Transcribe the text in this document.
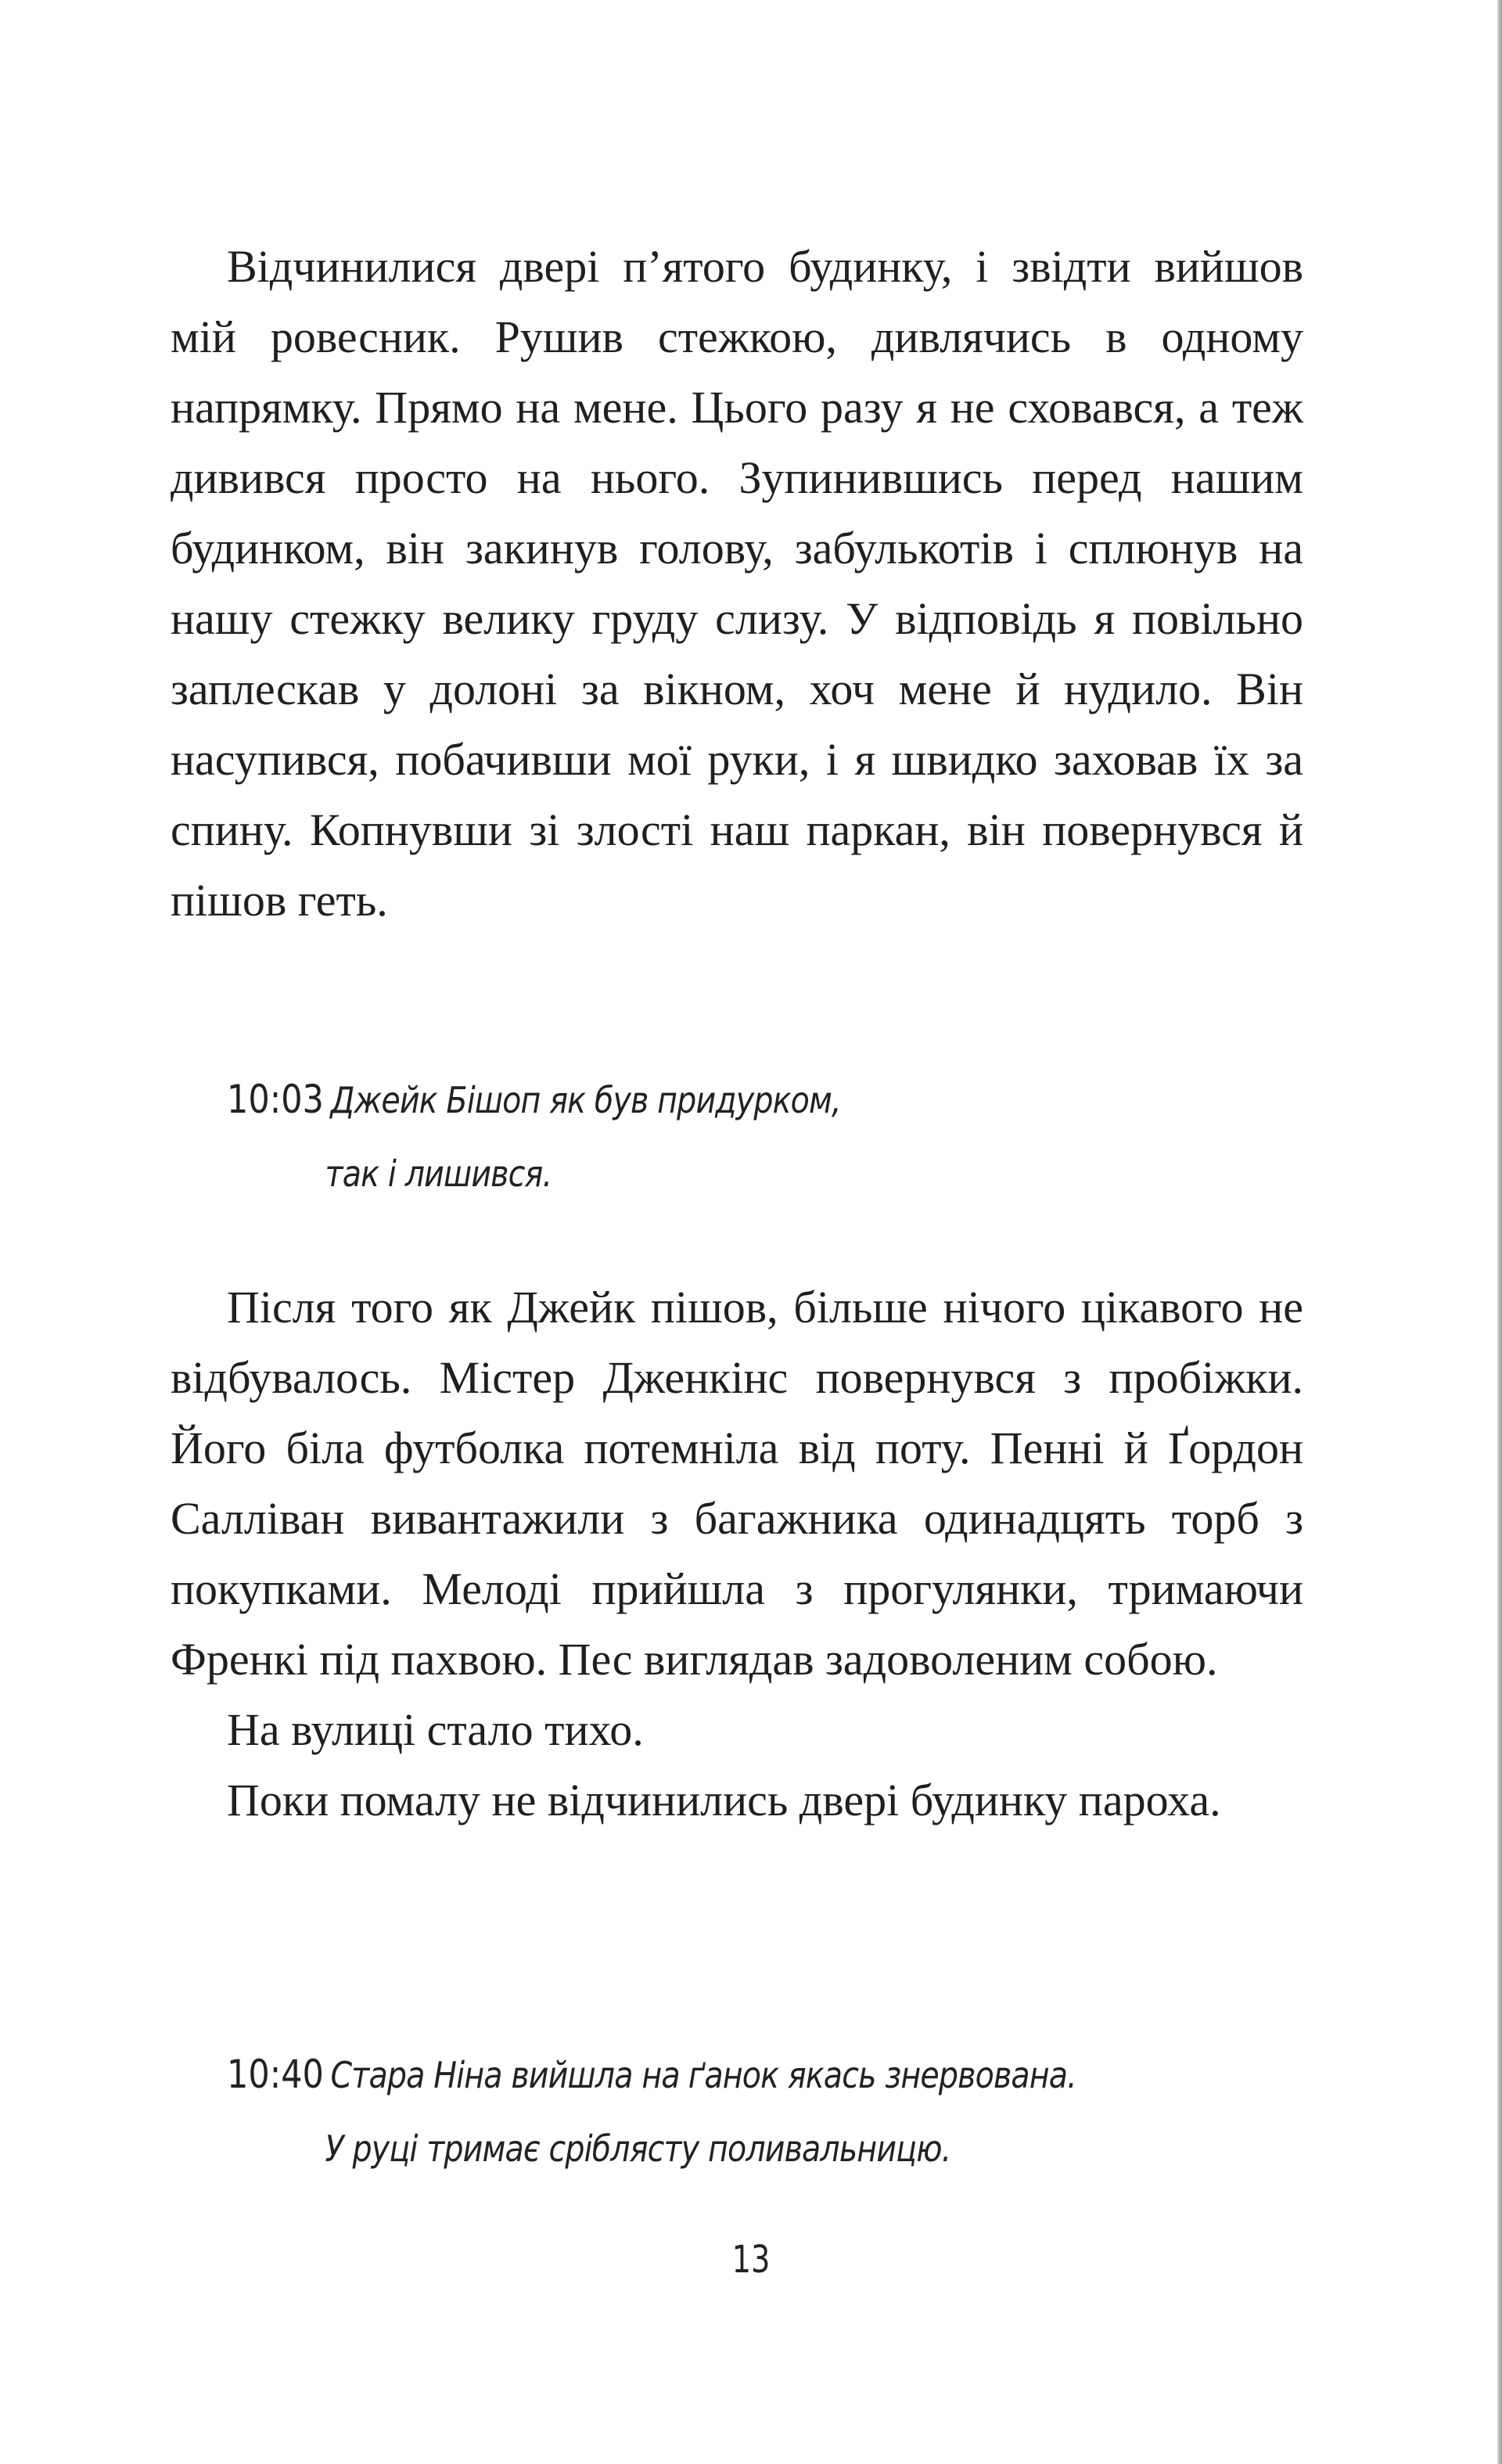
Відчинилися двері п’ятого будинку, і звідти вийшов мій ровесник. Рушив стежкою, дивлячись в одному напрямку. Прямо на мене. Цього разу я не сховався, а теж дивився просто на нього. Зупинившись перед нашим будинком, він закинув голову, забулькотів і сплюнув на нашу стежку велику груду слизу. У відповідь я повільно заплескав у долоні за вікном, хоч мене й нудило. Він насупився, побачивши мої руки, і я швидко заховав їх за спину. Копнувши зі злості наш паркан, він повернувся й пішов геть.

10:03 Джейк Бішоп як був придурком,
так і лишився.

Після того як Джейк пішов, більше нічого цікавого не відбувалось. Містер Дженкінс повернувся з пробіжки. Його біла футболка потемніла від поту. Пенні й Ґордон Салліван вивантажили з багажника одинадцять торб з покупками. Мелоді прийшла з прогулянки, тримаючи Френкі під пахвою. Пес виглядав задоволеним собою.

На вулиці стало тихо.

Поки помалу не відчинились двері будинку пароха.

10:40 Стара Ніна вийшла на ґанок якась знервована.
У руці тримає сріблясту поливальницю.
13
